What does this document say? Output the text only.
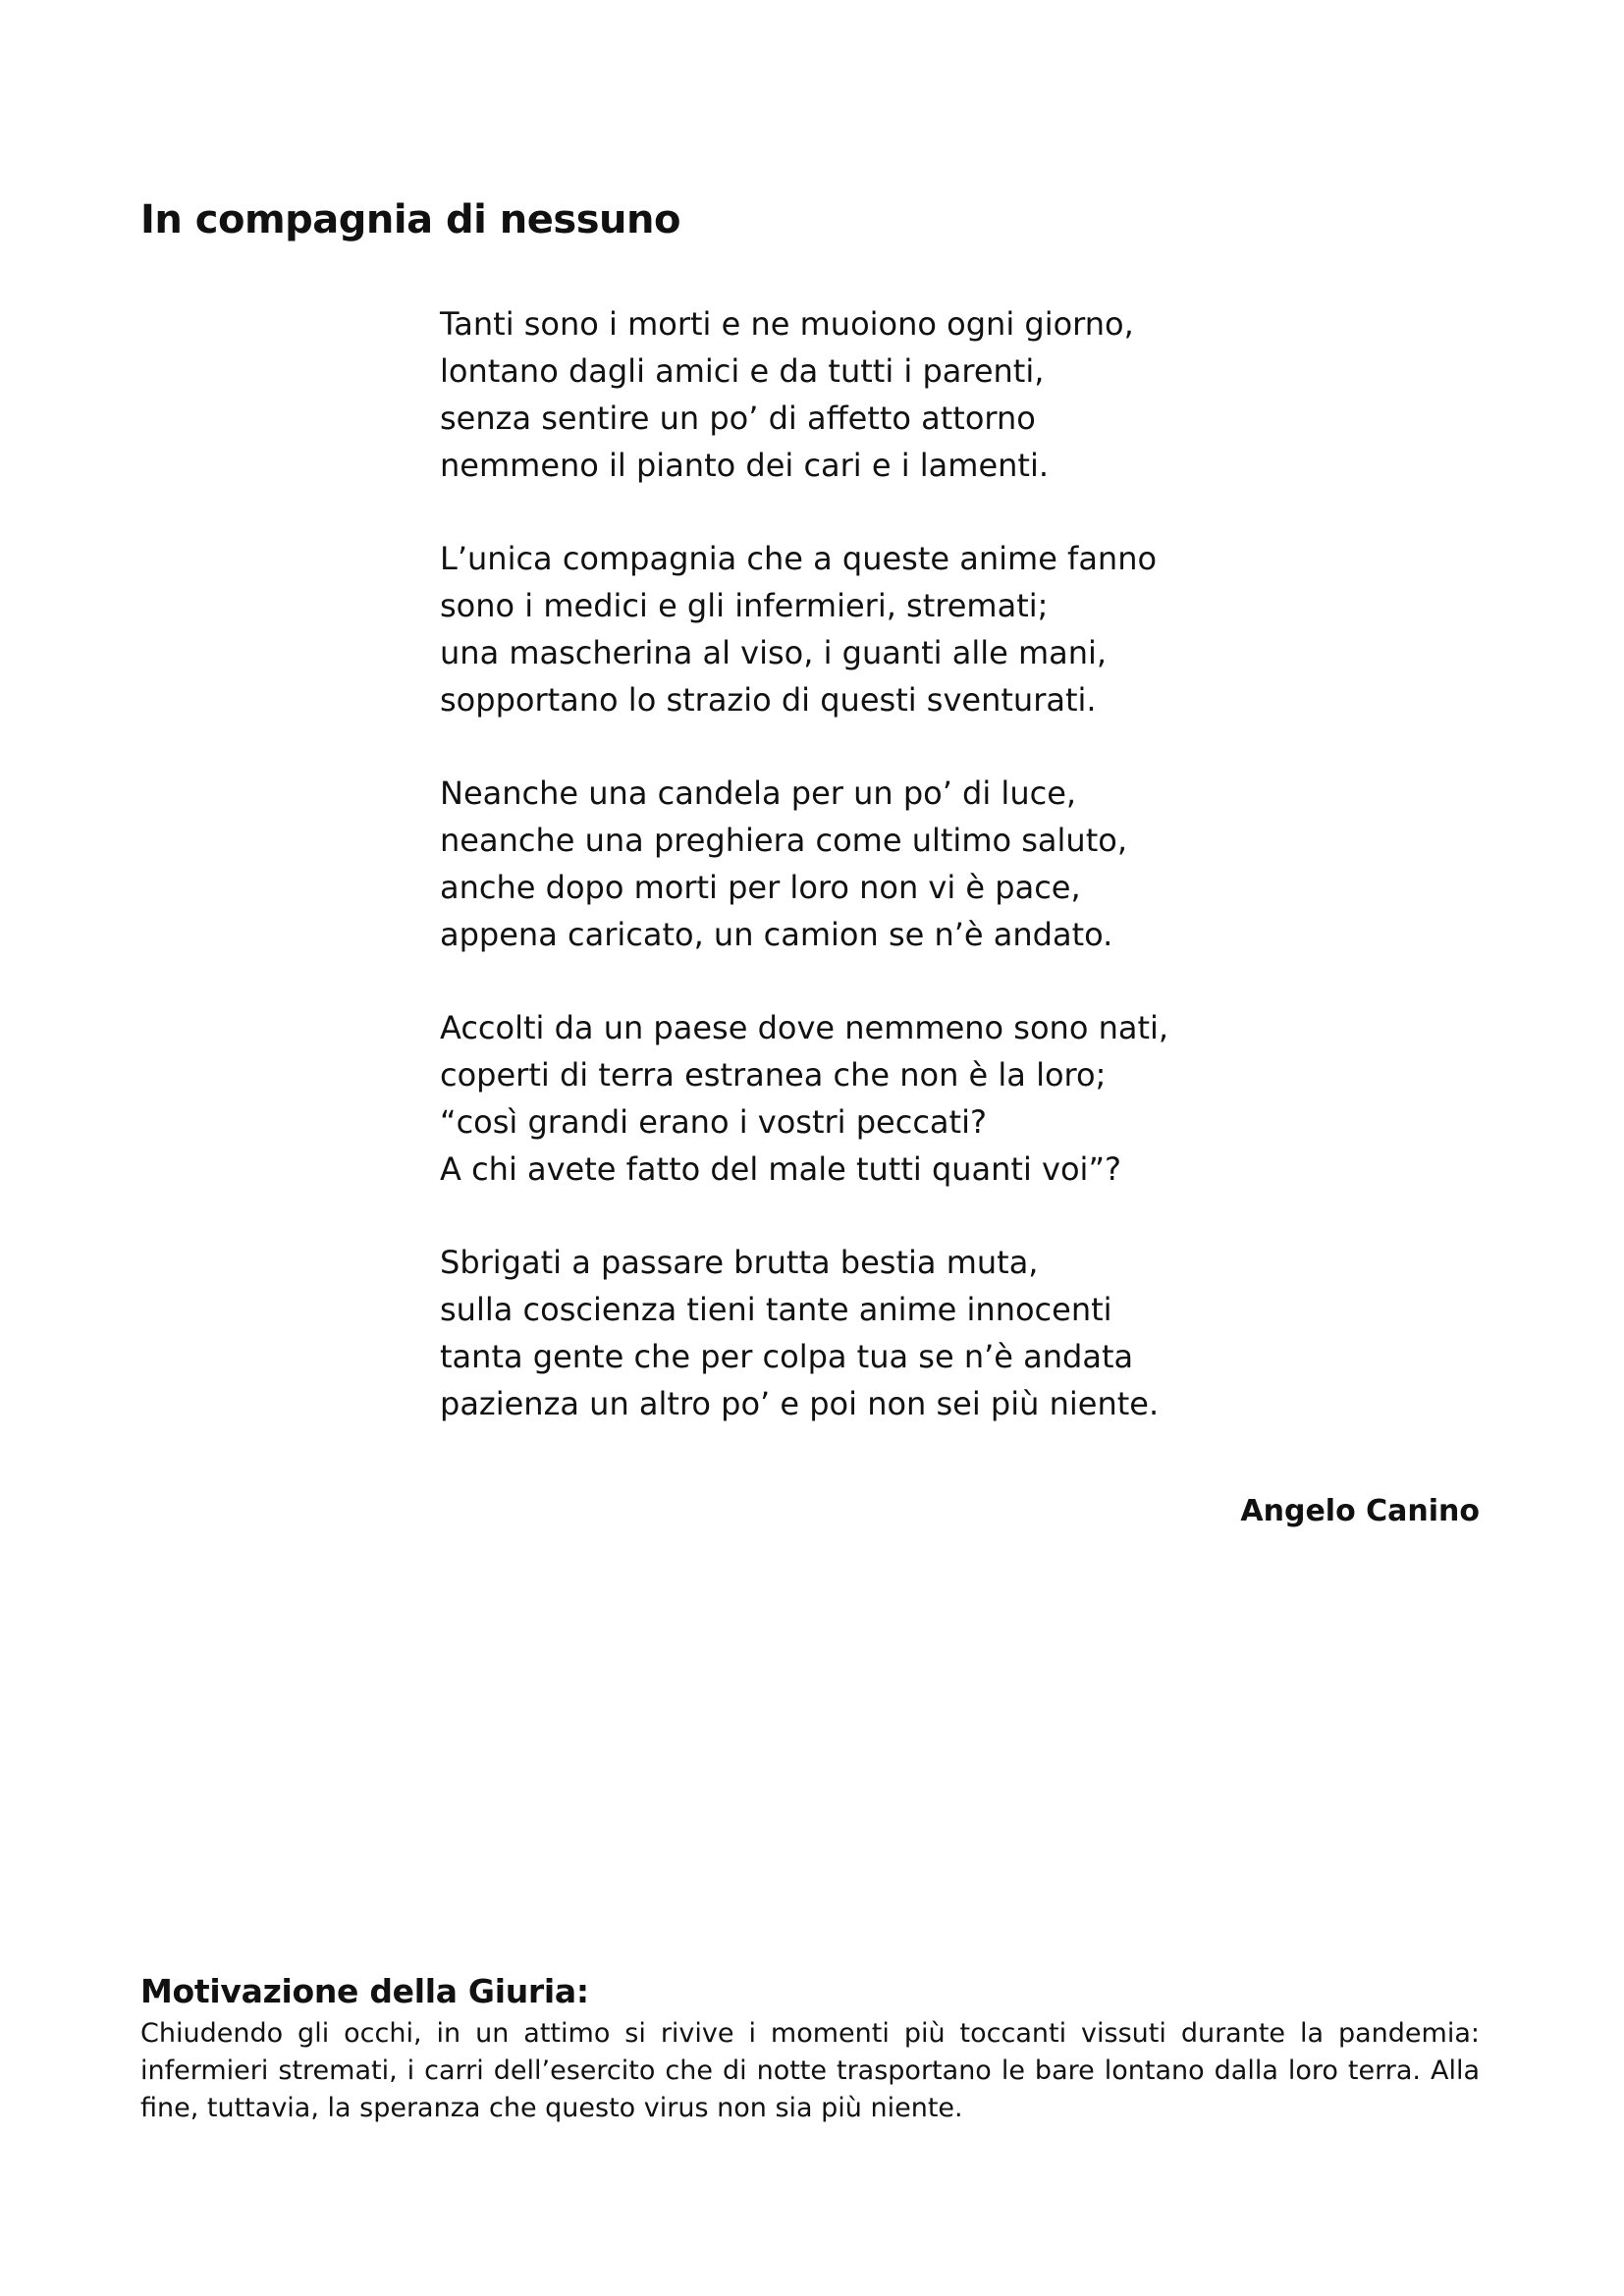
In compagnia di nessuno

Tanti sono i morti e ne muoiono ogni giorno,
lontano dagli amici e da tutti i parenti,
senza sentire un po’ di affetto attorno
nemmeno il pianto dei cari e i lamenti.

L’unica compagnia che a queste anime fanno
sono i medici e gli infermieri, stremati;
una mascherina al viso, i guanti alle mani,
sopportano lo strazio di questi sventurati.

Neanche una candela per un po’ di luce,
neanche una preghiera come ultimo saluto,
anche dopo morti per loro non vi è pace,
appena caricato, un camion se n’è andato.

Accolti da un paese dove nemmeno sono nati,
coperti di terra estranea che non è la loro;
“così grandi erano i vostri peccati?
A chi avete fatto del male tutti quanti voi”?

Sbrigati a passare brutta bestia muta,
sulla coscienza tieni tante anime innocenti
tanta gente che per colpa tua se n’è andata
pazienza un altro po’ e poi non sei più niente.

Angelo Canino
Motivazione della Giuria:

Chiudendo gli occhi, in un attimo si rivive i momenti più toccanti vissuti durante la pandemia: infermieri stremati, i carri dell’esercito che di notte trasportano le bare lontano dalla loro terra. Alla fine, tuttavia, la speranza che questo virus non sia più niente.
